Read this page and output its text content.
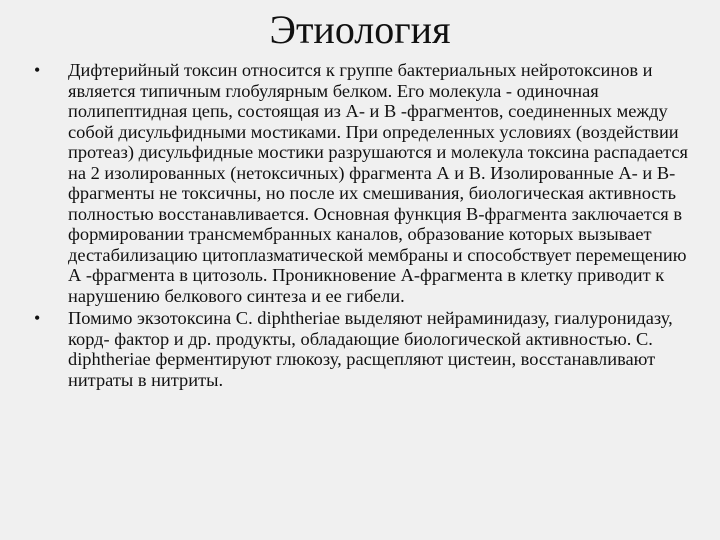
Этиология
• Дифтерийный токсин относится к группе бактериальных нейротоксинов и является типичным глобулярным белком. Его молекула - одиночная полипептидная цепь, состоящая из А- и В -фрагментов, соединенных между собой дисульфидными мостиками. При определенных условиях (воздействии протеаз) дисульфидные мостики разрушаются и молекула токсина распадается на 2 изолированных (нетоксичных) фрагмента А и В. Изолированные А- и В-фрагменты не токсичны, но после их смешивания, биологическая активность полностью восстанавливается. Основная функция В-фрагмента заключается в формировании трансмембранных каналов, образование которых вызывает дестабилизацию цитоплазматической мембраны и способствует перемещению А -фрагмента в цитозоль. Проникновение А-фрагмента в клетку приводит к нарушению белкового синтеза и ее гибели.
• Помимо экзотоксина C. diphtheriae выделяют нейраминидазу, гиалуронидазу, корд- фактор и др. продукты, обладающие биологической активностью. C. diphtheriae ферментируют глюкозу, расщепляют цистеин, восстанавливают нитраты в нитриты.
